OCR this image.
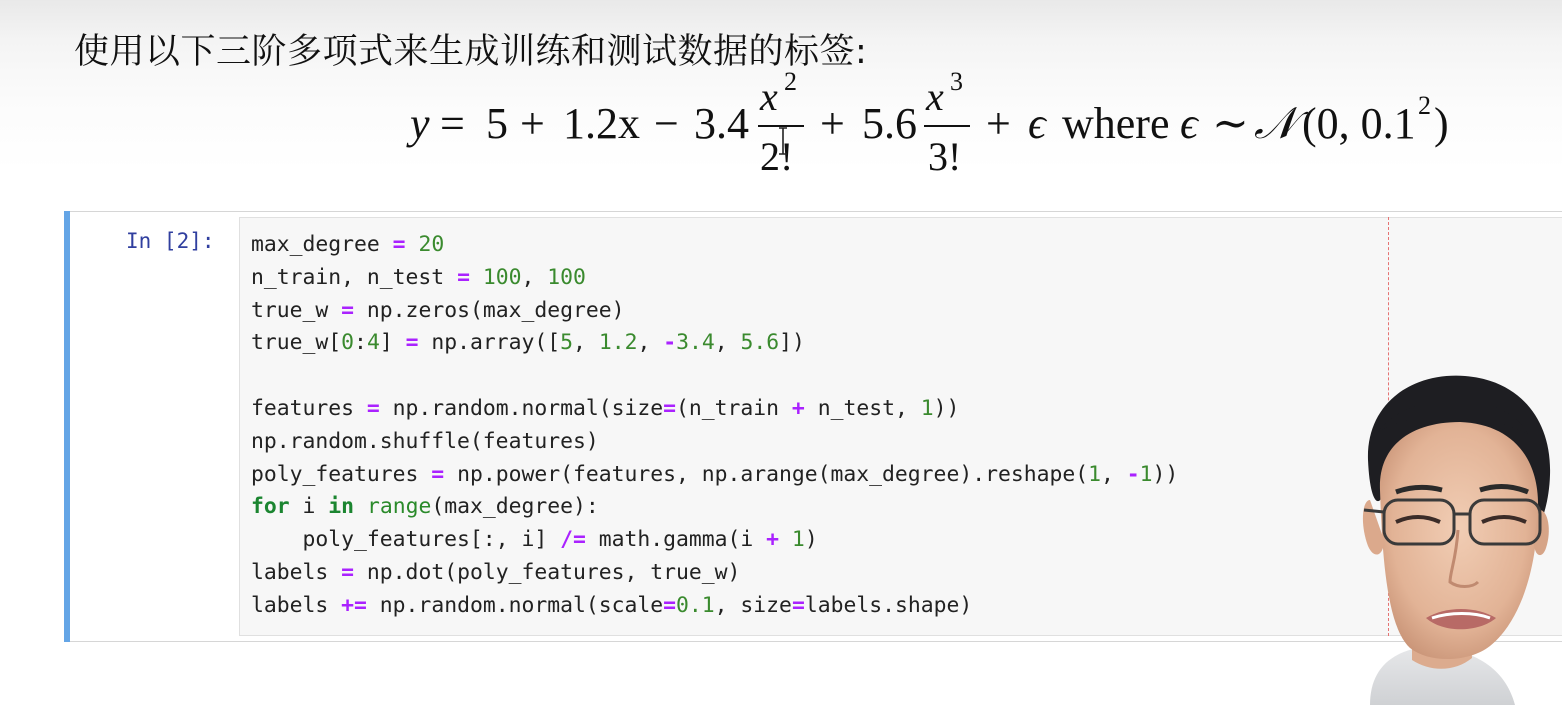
使用以下三阶多项式来生成训练和测试数据的标签:
y = 5 + 1.2x − 3.4
x 2
2!
+ 5.6
x 3
3!
+ ϵ where ϵ ∼ 𝒩 (0, 0.1 2 )
In [2]: max_degree = 20
n_train, n_test = 100, 100
true_w = np.zeros(max_degree)
true_w[0:4] = np.array([5, 1.2, -3.4, 5.6])
features = np.random.normal(size=(n_train + n_test, 1))
np.random.shuffle(features)
poly_features = np.power(features, np.arange(max_degree).reshape(1, -1))
for i in range(max_degree):
poly_features[:, i] /= math.gamma(i + 1)
labels = np.dot(poly_features, true_w)
labels += np.random.normal(scale=0.1, size=labels.shape)
